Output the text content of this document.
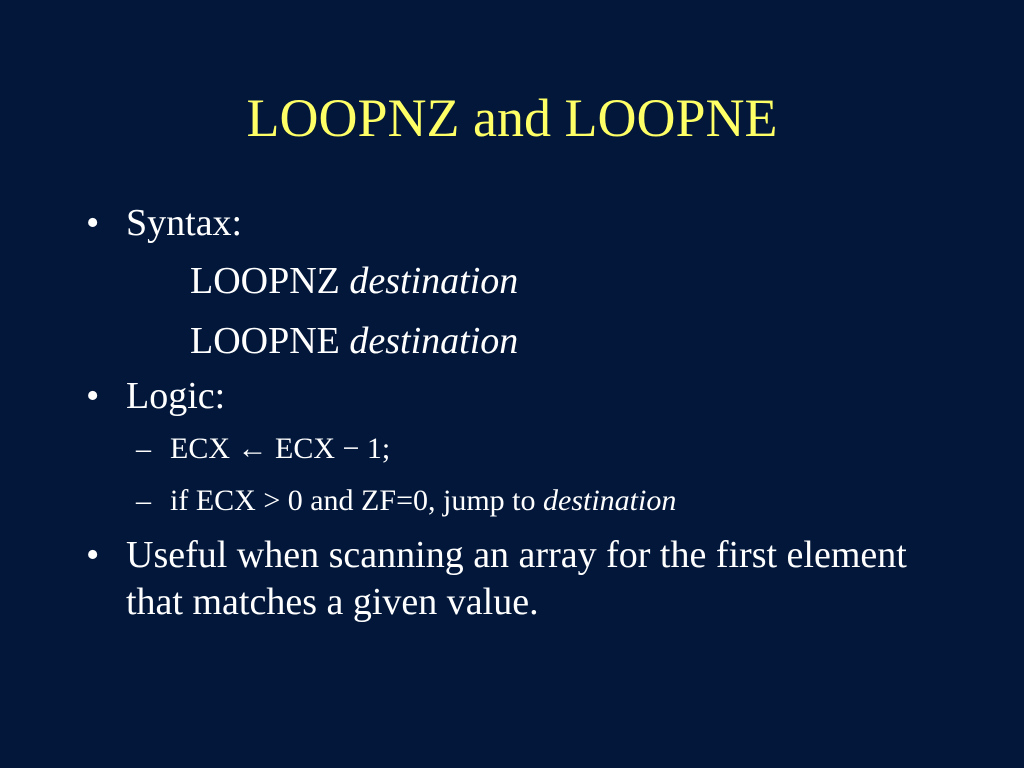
LOOPNZ and LOOPNE
• Syntax:
LOOPNZ destination
LOOPNE destination
• Logic:
– ECX ← ECX − 1;
– if ECX > 0 and ZF=0, jump to destination
• Useful when scanning an array for the first element that matches a given value.
